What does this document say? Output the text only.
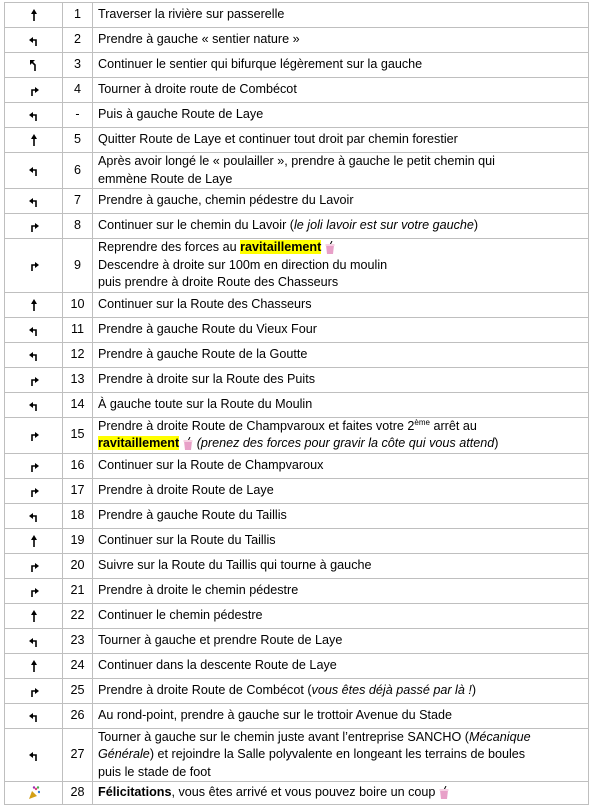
	1	Traverser la rivière sur passerelle

	2	Prendre à gauche « sentier nature »

	3	Continuer le sentier qui bifurque légèrement sur la gauche

	4	Tourner à droite route de Combécot

	-	Puis à gauche Route de Laye

	5	Quitter Route de Laye et continuer tout droit par chemin forestier

	6	Après avoir longé le « poulailler », prendre à gauche le petit chemin qui
emmène Route de Laye

	7	Prendre à gauche, chemin pédestre du Lavoir

	8	Continuer sur le chemin du Lavoir (le joli lavoir est sur votre gauche)

	9	Reprendre des forces au ravitaillement
Descendre à droite sur 100m en direction du moulin
puis prendre à droite Route des Chasseurs

	10	Continuer sur la Route des Chasseurs

	11	Prendre à gauche Route du Vieux Four

	12	Prendre à gauche Route de la Goutte

	13	Prendre à droite sur la Route des Puits

	14	À gauche toute sur la Route du Moulin

	15	Prendre à droite Route de Champvaroux et faites votre 2ème arrêt au
ravitaillement (prenez des forces pour gravir la côte qui vous attend)

	16	Continuer sur la Route de Champvaroux

	17	Prendre à droite Route de Laye

	18	Prendre à gauche Route du Taillis

	19	Continuer sur la Route du Taillis

	20	Suivre sur la Route du Taillis qui tourne à gauche

	21	Prendre à droite le chemin pédestre

	22	Continuer le chemin pédestre

	23	Tourner à gauche et prendre Route de Laye

	24	Continuer dans la descente Route de Laye

	25	Prendre à droite Route de Combécot (vous êtes déjà passé par là !)

	26	Au rond-point, prendre à gauche sur le trottoir Avenue du Stade

	27	Tourner à gauche sur le chemin juste avant l’entreprise SANCHO (Mécanique
Générale) et rejoindre la Salle polyvalente en longeant les terrains de boules
puis le stade de foot

	28	Félicitations, vous êtes arrivé et vous pouvez boire un coup
